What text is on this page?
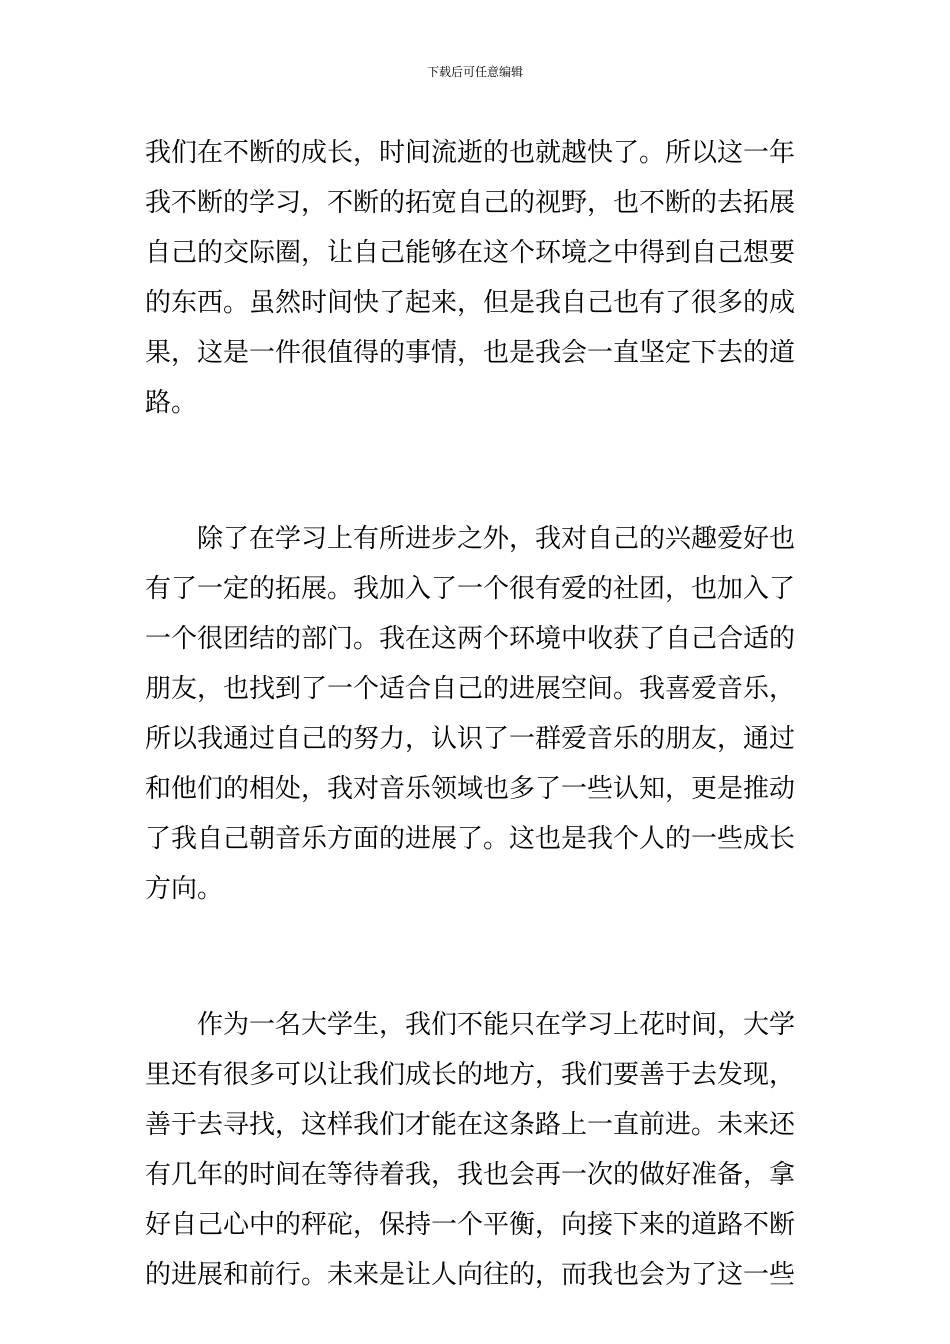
下载后可任意编辑
我们在不断的成长，时间流逝的也就越快了。所以这一年
我不断的学习，不断的拓宽自己的视野，也不断的去拓展
自己的交际圈，让自己能够在这个环境之中得到自己想要
的东西。虽然时间快了起来，但是我自己也有了很多的成
果，这是一件很值得的事情，也是我会一直坚定下去的道
路。
　　除了在学习上有所进步之外，我对自己的兴趣爱好也
有了一定的拓展。我加入了一个很有爱的社团，也加入了
一个很团结的部门。我在这两个环境中收获了自己合适的
朋友，也找到了一个适合自己的进展空间。我喜爱音乐，
所以我通过自己的努力，认识了一群爱音乐的朋友，通过
和他们的相处，我对音乐领域也多了一些认知，更是推动
了我自己朝音乐方面的进展了。这也是我个人的一些成长
方向。
　　作为一名大学生，我们不能只在学习上花时间，大学
里还有很多可以让我们成长的地方，我们要善于去发现，
善于去寻找，这样我们才能在这条路上一直前进。未来还
有几年的时间在等待着我，我也会再一次的做好准备，拿
好自己心中的秤砣，保持一个平衡，向接下来的道路不断
的进展和前行。未来是让人向往的，而我也会为了这一些
